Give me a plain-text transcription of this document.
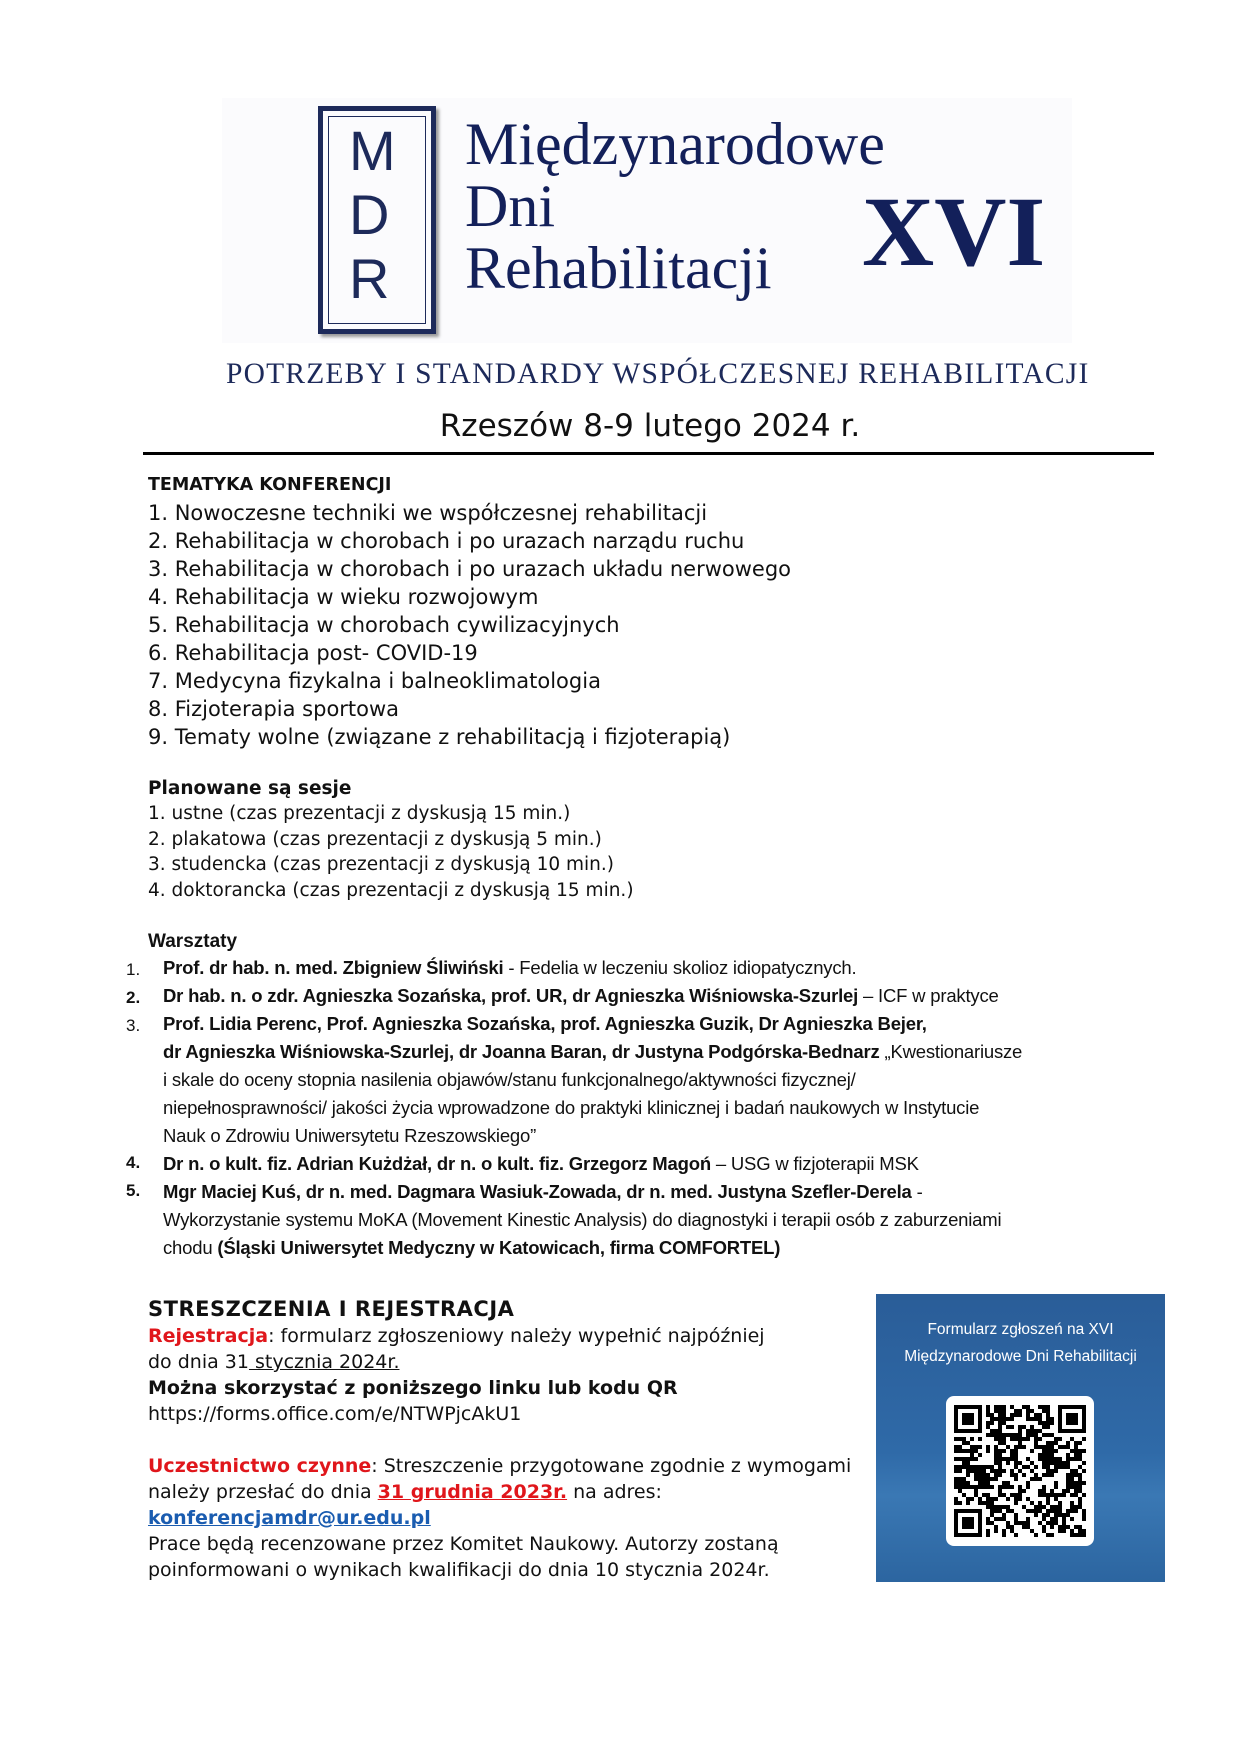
M
D
R
Międzynarodowe
Dni
Rehabilitacji XVI
POTRZEBY I STANDARDY WSPÓŁCZESNEJ REHABILITACJI
Rzeszów 8-9 lutego 2024 r.
TEMATYKA KONFERENCJI
1. Nowoczesne techniki we współczesnej rehabilitacji
2. Rehabilitacja w chorobach i po urazach narządu ruchu
3. Rehabilitacja w chorobach i po urazach układu nerwowego
4. Rehabilitacja w wieku rozwojowym
5. Rehabilitacja w chorobach cywilizacyjnych
6. Rehabilitacja post- COVID-19
7. Medycyna fizykalna i balneoklimatologia
8. Fizjoterapia sportowa
9. Tematy wolne (związane z rehabilitacją i fizjoterapią)
Planowane są sesje
1. ustne (czas prezentacji z dyskusją 15 min.)
2. plakatowa (czas prezentacji z dyskusją 5 min.)
3. studencka (czas prezentacji z dyskusją 10 min.)
4. doktorancka (czas prezentacji z dyskusją 15 min.)
Warsztaty
1. Prof. dr hab. n. med. Zbigniew Śliwiński - Fedelia w leczeniu skolioz idiopatycznych.
2. Dr hab. n. o zdr. Agnieszka Sozańska, prof. UR, dr Agnieszka Wiśniowska-Szurlej – ICF w praktyce
3. Prof. Lidia Perenc, Prof. Agnieszka Sozańska, prof. Agnieszka Guzik, Dr Agnieszka Bejer,
dr Agnieszka Wiśniowska-Szurlej, dr Joanna Baran, dr Justyna Podgórska-Bednarz „Kwestionariusze
i skale do oceny stopnia nasilenia objawów/stanu funkcjonalnego/aktywności fizycznej/
niepełnosprawności/ jakości życia wprowadzone do praktyki klinicznej i badań naukowych w Instytucie
Nauk o Zdrowiu Uniwersytetu Rzeszowskiego”
4. Dr n. o kult. fiz. Adrian Kużdżał, dr n. o kult. fiz. Grzegorz Magoń – USG w fizjoterapii MSK
5. Mgr Maciej Kuś, dr n. med. Dagmara Wasiuk-Zowada, dr n. med. Justyna Szefler-Derela -
Wykorzystanie systemu MoKA (Movement Kinestic Analysis) do diagnostyki i terapii osób z zaburzeniami
chodu (Śląski Uniwersytet Medyczny w Katowicach, firma COMFORTEL)
STRESZCZENIA I REJESTRACJA
Rejestracja: formularz zgłoszeniowy należy wypełnić najpóźniej
do dnia 31 stycznia 2024r.
Można skorzystać z poniższego linku lub kodu QR
https://forms.office.com/e/NTWPjcAkU1
Uczestnictwo czynne: Streszczenie przygotowane zgodnie z wymogami
należy przesłać do dnia 31 grudnia 2023r. na adres:
konferencjamdr@ur.edu.pl
Prace będą recenzowane przez Komitet Naukowy. Autorzy zostaną
poinformowani o wynikach kwalifikacji do dnia 10 stycznia 2024r.
Formularz zgłoszeń na XVI
Międzynarodowe Dni Rehabilitacji
